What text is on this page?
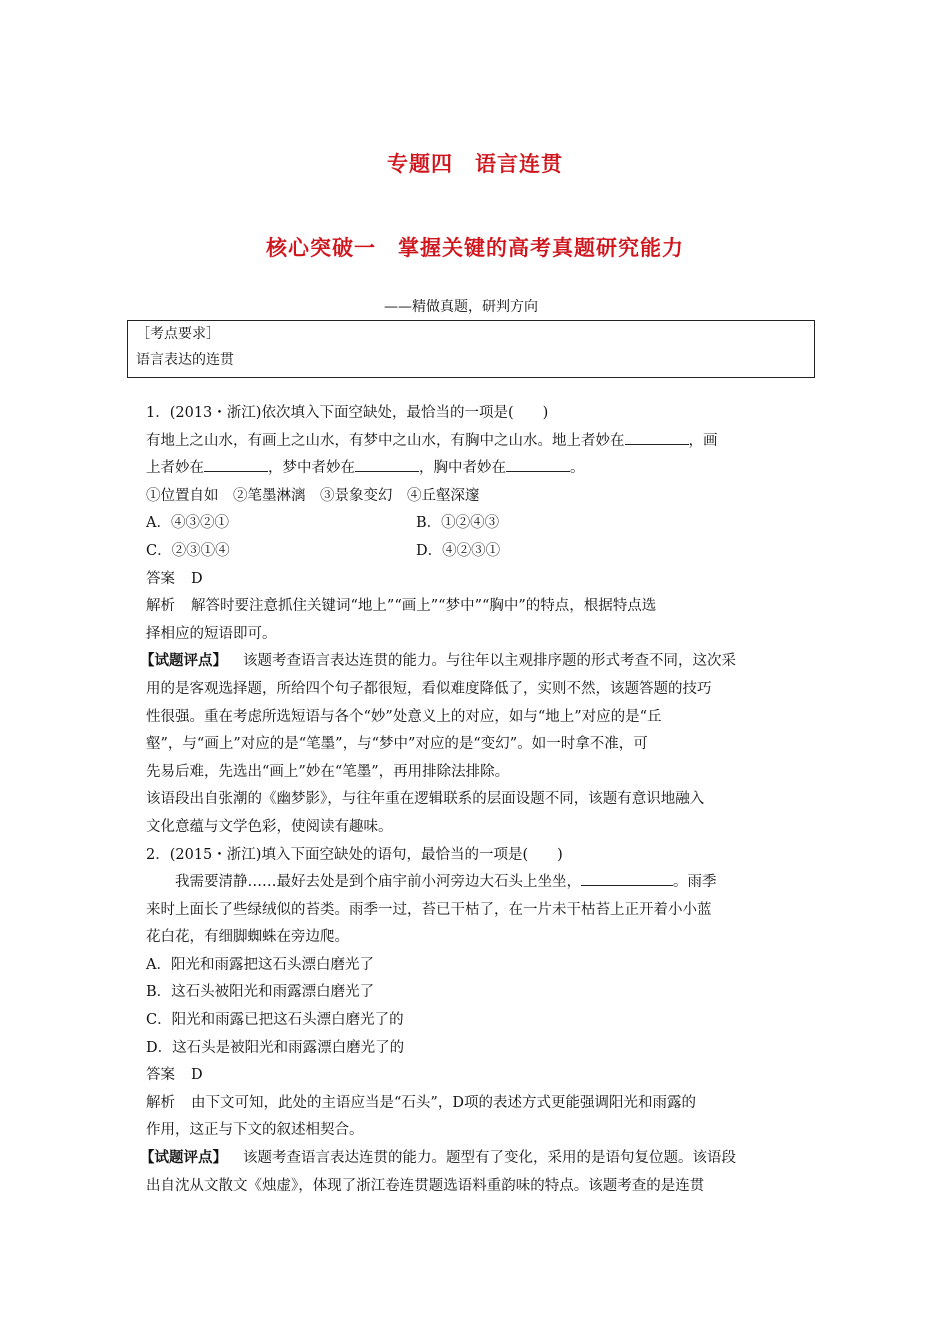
专题四　语言连贯
核心突破一　掌握关键的高考真题研究能力
——精做真题，研判方向
［考点要求］
语言表达的连贯
1．(2013・浙江)依次填入下面空缺处，最恰当的一项是(　　)
有地上之山水，有画上之山水，有梦中之山水，有胸中之山水。地上者妙在	，画
上者妙在	，梦中者妙在	，胸中者妙在	。
①位置自如　②笔墨淋漓　③景象变幻　④丘壑深邃
A．④③②①	B．①②④③
C．②③①④	D．④②③①
答案 D
解析 解答时要注意抓住关键词“地上”“画上”“梦中”“胸中”的特点，根据特点选
择相应的短语即可。
【试题评点】 该题考查语言表达连贯的能力。与往年以主观排序题的形式考查不同，这次采
用的是客观选择题，所给四个句子都很短，看似难度降低了，实则不然，该题答题的技巧
性很强。重在考虑所选短语与各个“妙”处意义上的对应，如与“地上”对应的是“丘
壑”，与“画上”对应的是“笔墨”，与“梦中”对应的是“变幻”。如一时拿不准，可
先易后难，先选出“画上”妙在“笔墨”，再用排除法排除。
该语段出自张潮的《幽梦影》，与往年重在逻辑联系的层面设题不同，该题有意识地融入
文化意蕴与文学色彩，使阅读有趣味。
2．(2015・浙江)填入下面空缺处的语句，最恰当的一项是(　　)
我需要清静……最好去处是到个庙宇前小河旁边大石头上坐坐，	。雨季
来时上面长了些绿绒似的苔类。雨季一过，苔已干枯了，在一片未干枯苔上正开着小小蓝
花白花，有细脚蜘蛛在旁边爬。
A．阳光和雨露把这石头漂白磨光了
B．这石头被阳光和雨露漂白磨光了
C．阳光和雨露已把这石头漂白磨光了的
D．这石头是被阳光和雨露漂白磨光了的
答案 D
解析 由下文可知，此处的主语应当是“石头”，D项的表述方式更能强调阳光和雨露的
作用，这正与下文的叙述相契合。
【试题评点】 该题考查语言表达连贯的能力。题型有了变化，采用的是语句复位题。该语段
出自沈从文散文《烛虚》，体现了浙江卷连贯题选语料重韵味的特点。该题考查的是连贯
